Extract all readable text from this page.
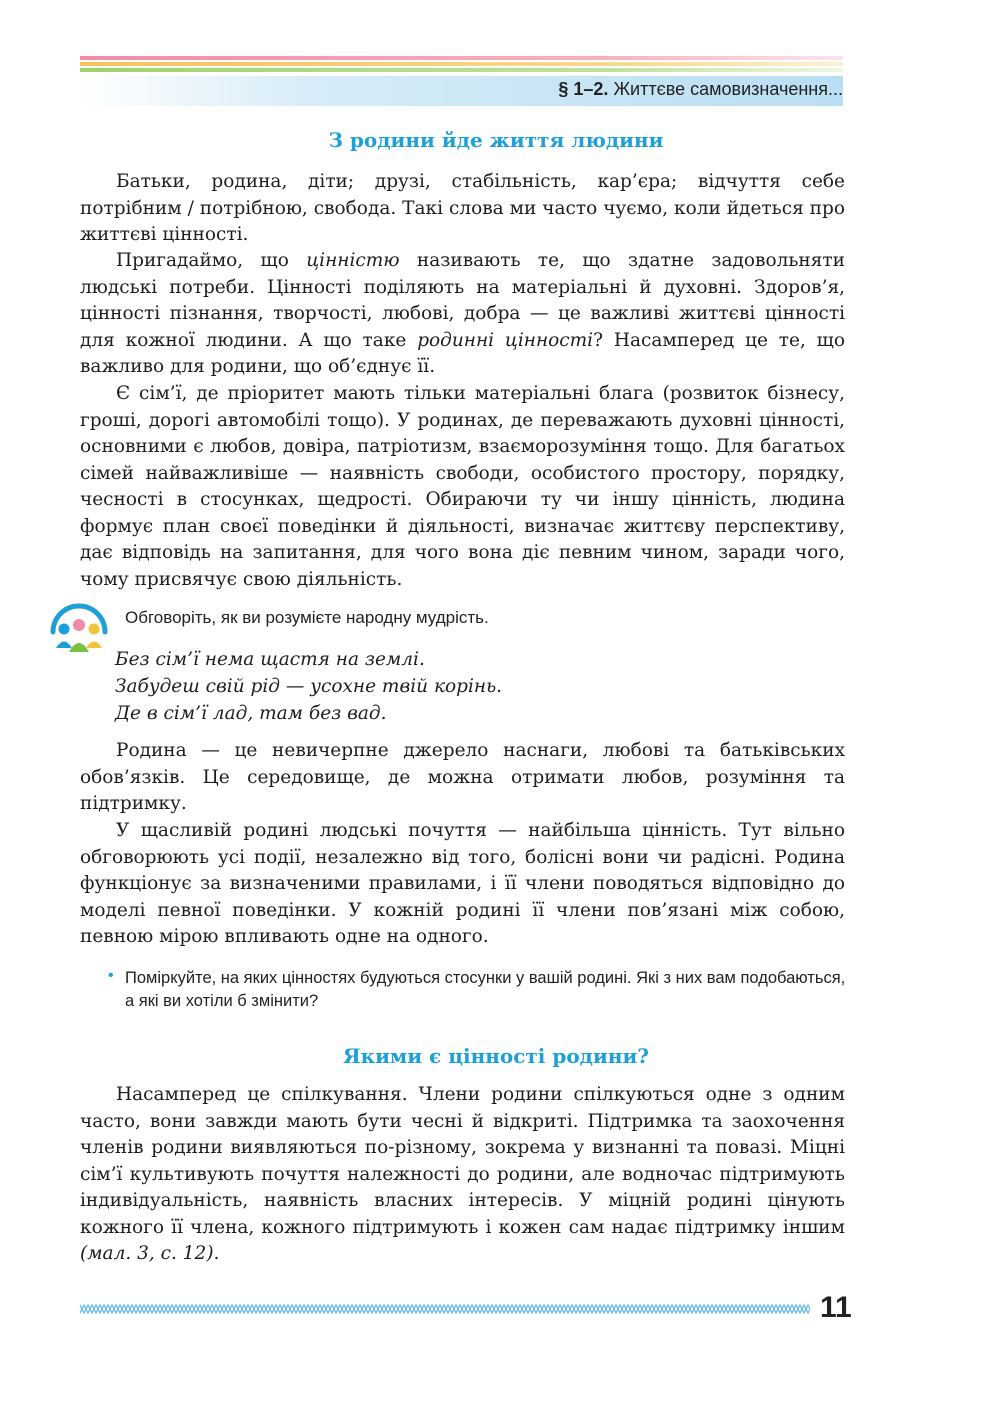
§ 1–2. Життєве самовизначення...
З родини йде життя людини

Батьки, родина, діти; друзі, стабільність, кар’єра; відчуття себе потрібним / потрібною, свобода. Такі слова ми часто чуємо, коли йдеться про життєві цінності.

Пригадаймо, що цінністю називають те, що здатне задовольняти людські потреби. Цінності поділяють на матеріальні й духовні. Здоров’я, цінності пізнання, творчості, любові, добра — це важливі життєві цінності для кожної людини. А що таке родинні цінності? Насамперед це те, що важливо для родини, що об’єднує її.

Є сім’ї, де пріоритет мають тільки матеріальні блага (розвиток бізнесу, гроші, дорогі автомобілі тощо). У родинах, де переважають духовні цінності, основними є любов, довіра, патріотизм, взаєморозуміння тощо. Для багатьох сімей найважливіше — наявність свободи, особистого простору, порядку, чесності в стосунках, щедрості. Обираючи ту чи іншу цінність, людина формує план своєї поведінки й діяльності, визначає життєву перспективу, дає відповідь на запитання, для чого вона діє певним чином, заради чого, чому присвячує свою діяльність.

Обговоріть, як ви розумієте народну мудрість.
Без сім’ї нема щастя на землі.
Забудеш свій рід — усохне твій корінь.
Де в сім’ї лад, там без вад.

Родина — це невичерпне джерело наснаги, любові та батьківських обов’язків. Це середовище, де можна отримати любов, розуміння та підтримку.

У щасливій родині людські почуття — найбільша цінність. Тут вільно обговорюють усі події, незалежно від того, болісні вони чи радісні. Родина функціонує за визначеними правилами, і її члени поводяться відповідно до моделі певної поведінки. У кожній родині її члени пов’язані між собою, певною мірою впливають одне на одного.

• Поміркуйте, на яких цінностях будуються стосунки у вашій родині. Які з них вам подобаються, а які ви хотіли б змінити?
Якими є цінності родини?

Насамперед це спілкування. Члени родини спілкуються одне з одним часто, вони завжди мають бути чесні й відкриті. Підтримка та заохочення членів родини виявляються по-різному, зокрема у визнанні та повазі. Міцні сім’ї культивують почуття належності до родини, але водночас підтримують індивідуальність, наявність власних інтересів. У міцній родині цінують кожного її члена, кожного підтримують і кожен сам надає підтримку іншим (мал. 3, с. 12).

11
